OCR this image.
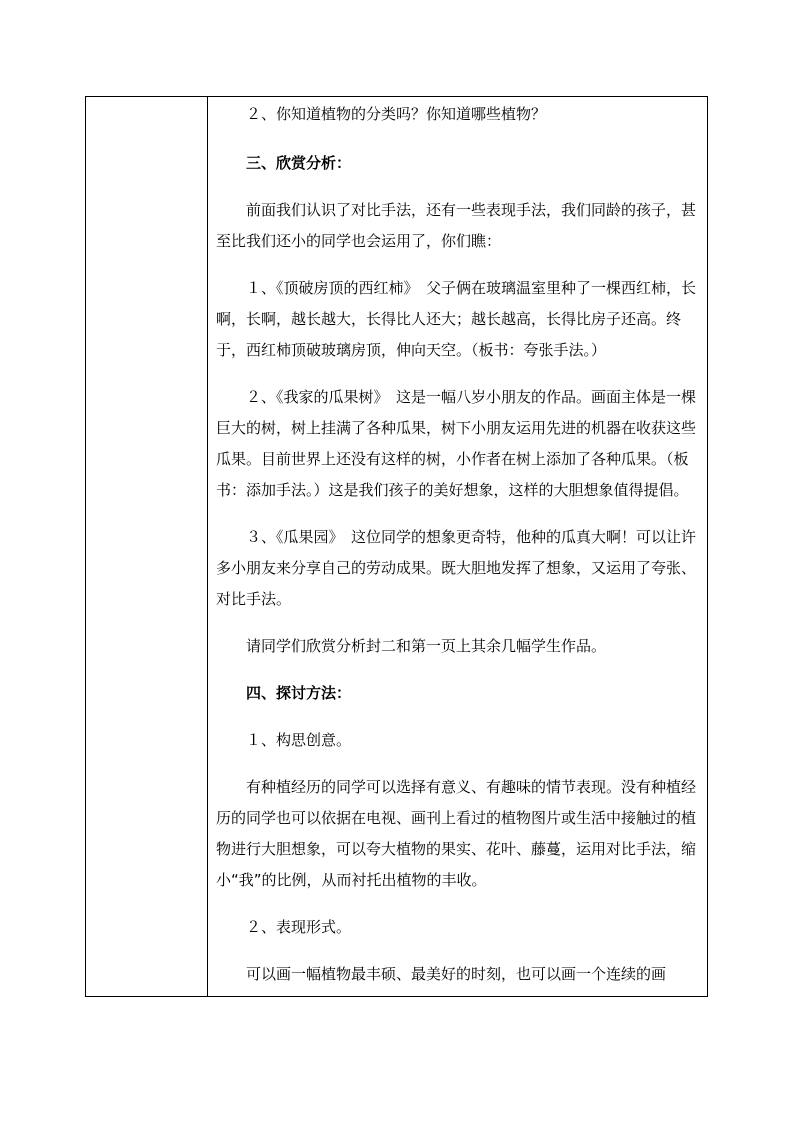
２、你知道植物的分类吗？你知道哪些植物？

三、欣赏分析：

前面我们认识了对比手法，还有一些表现手法，我们同龄的孩子，甚至比我们还小的同学也会运用了，你们瞧：

１、《顶破房顶的西红柿》　父子俩在玻璃温室里种了一棵西红柿，长啊，长啊，越长越大，长得比人还大；越长越高，长得比房子还高。终于，西红柿顶破玻璃房顶，伸向天空。（板书：夸张手法。）

２、《我家的瓜果树》　这是一幅八岁小朋友的作品。画面主体是一棵巨大的树，树上挂满了各种瓜果，树下小朋友运用先进的机器在收获这些瓜果。目前世界上还没有这样的树，小作者在树上添加了各种瓜果。（板书：添加手法。）这是我们孩子的美好想象，这样的大胆想象值得提倡。

３、《瓜果园》　这位同学的想象更奇特，他种的瓜真大啊！可以让许多小朋友来分享自己的劳动成果。既大胆地发挥了想象，又运用了夸张、对比手法。

请同学们欣赏分析封二和第一页上其余几幅学生作品。

四、探讨方法：

１、构思创意。

有种植经历的同学可以选择有意义、有趣味的情节表现。没有种植经历的同学也可以依据在电视、画刊上看过的植物图片或生活中接触过的植物进行大胆想象，可以夸大植物的果实、花叶、藤蔓，运用对比手法，缩小“我”的比例，从而衬托出植物的丰收。

２、表现形式。

可以画一幅植物最丰硕、最美好的时刻，也可以画一个连续的画
